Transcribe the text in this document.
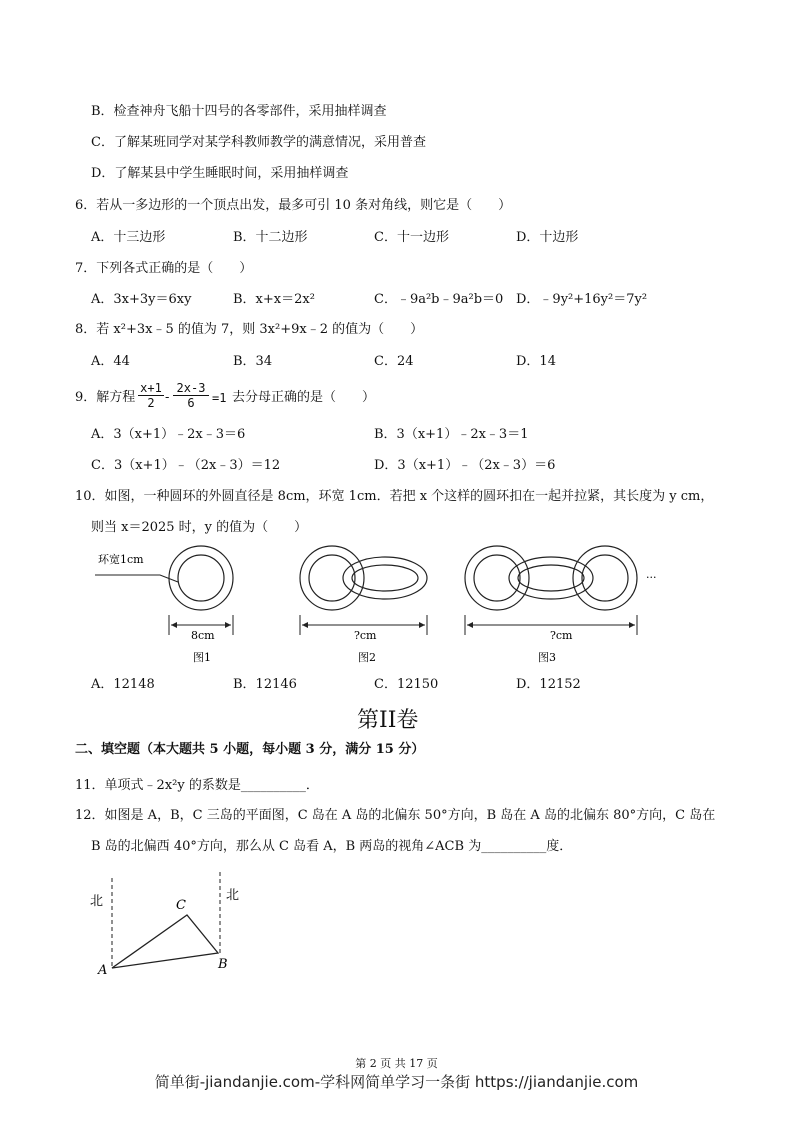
B．检查神舟飞船十四号的各零部件，采用抽样调查
C．了解某班同学对某学科教师教学的满意情况，采用普查
D．了解某县中学生睡眠时间，采用抽样调查
6．若从一多边形的一个顶点出发，最多可引 10 条对角线，则它是（　　）
A．十三边形	B．十二边形	C．十一边形	D．十边形
7．下列各式正确的是（　　）
A．3x+3y＝6xy	B．x+x＝2x²	C．﹣9a²b﹣9a²b＝0 D．﹣9y²+16y²＝7y²
8．若 x²+3x﹣5 的值为 7，则 3x²+9x﹣2 的值为（　　）
A．44	B．34	C．24	D．14
9．解方程 $\frac{x+1}{2} - \frac{2x-3}{6} =1$ 去分母正确的是（　　）
A．3（x+1）﹣2x﹣3＝6	B．3（x+1）﹣2x﹣3＝1
C．3（x+1）﹣（2x﹣3）＝12	D．3（x+1）﹣（2x﹣3）＝6
10．如图，一种圆环的外圆直径是 8cm，环宽 1cm．若把 x 个这样的圆环扣在一起并拉紧，其长度为 y cm，
则当 x＝2025 时，y 的值为（　　）
环宽1cm
8cm	?cm
···
?cm
图1	图2	图3
A．12148	B．12146	C．12150	D．12152
第II卷
二、填空题（本大题共 5 小题，每小题 3 分，满分 15 分）
11．单项式﹣2x²y 的系数是__________．
12．如图是 A，B，C 三岛的平面图，C 岛在 A 岛的北偏东 50°方向，B 岛在 A 岛的北偏东 80°方向，C 岛在
B 岛的北偏西 40°方向，那么从 C 岛看 A，B 两岛的视角∠ACB 为__________度．
北	北
C
A	B
第 2 页 共 17 页
简单街-jiandanjie.com-学科网简单学习一条街 https://jiandanjie.com
